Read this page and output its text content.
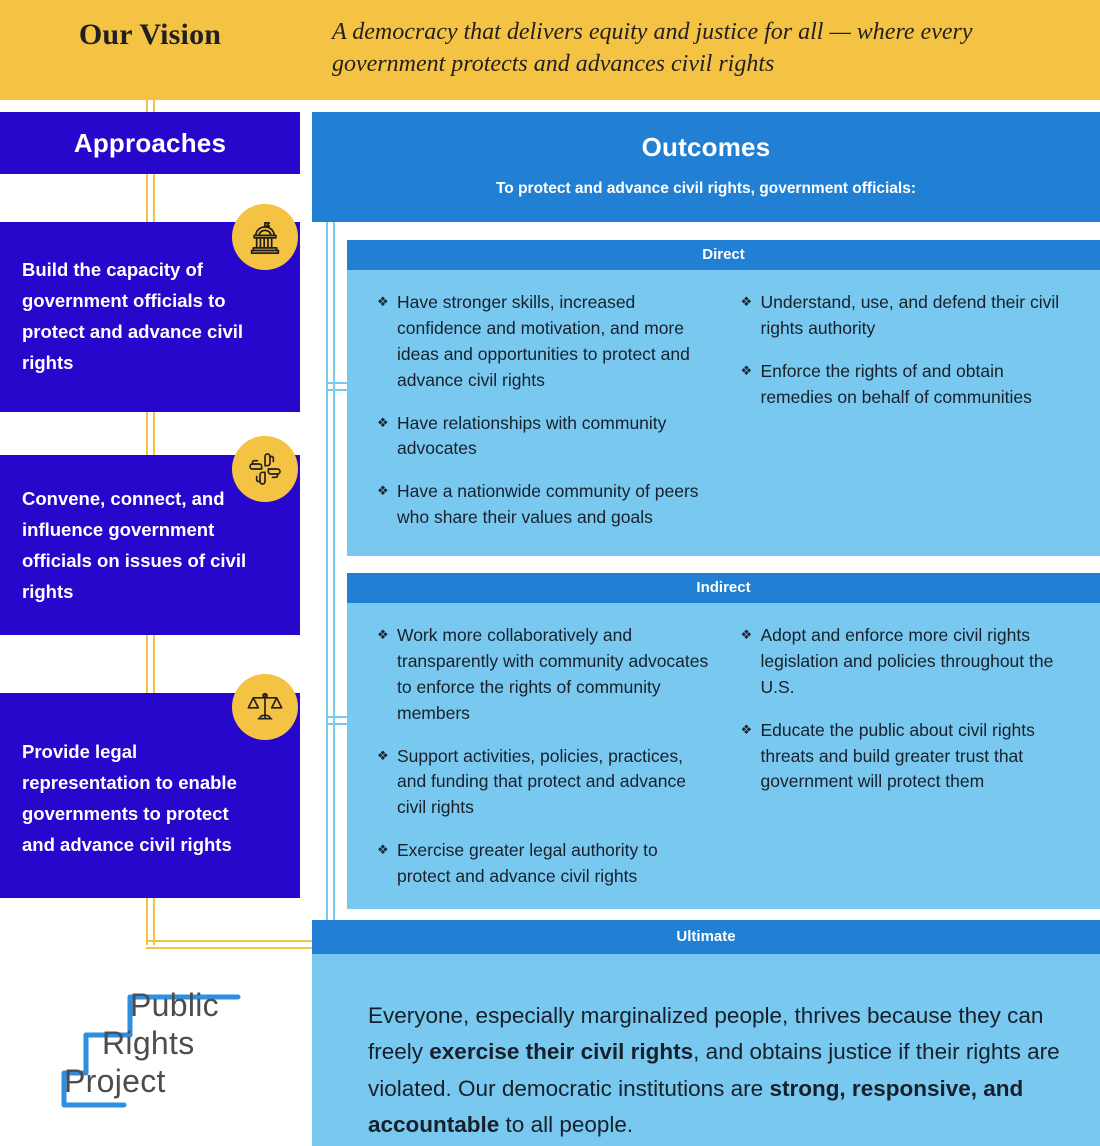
Our Vision	A democracy that delivers equity and justice for all — where every government protects and advances civil rights
Approaches
Build the capacity of government officials to protect and advance civil rights
Convene, connect, and influence government officials on issues of civil rights
Provide legal representation to enable governments to protect and advance civil rights
Outcomes
To protect and advance civil rights, government officials:
Direct
❖ Have stronger skills, increased confidence and motivation, and more ideas and opportunities to protect and advance civil rights
❖ Have relationships with community advocates
❖ Have a nationwide community of peers who share their values and goals
❖ Understand, use, and defend their civil rights authority
❖ Enforce the rights of and obtain remedies on behalf of communities
Indirect
❖ Work more collaboratively and transparently with community advocates to enforce the rights of community members
❖ Support activities, policies, practices, and funding that protect and advance civil rights
❖ Exercise greater legal authority to protect and advance civil rights
❖ Adopt and enforce more civil rights legislation and policies throughout the U.S.
❖ Educate the public about civil rights threats and build greater trust that government will protect them
Ultimate
Everyone, especially marginalized people, thrives because they can freely exercise their civil rights, and obtains justice if their rights are violated. Our democratic institutions are strong, responsive, and accountable to all people.
Public
Rights
Project
